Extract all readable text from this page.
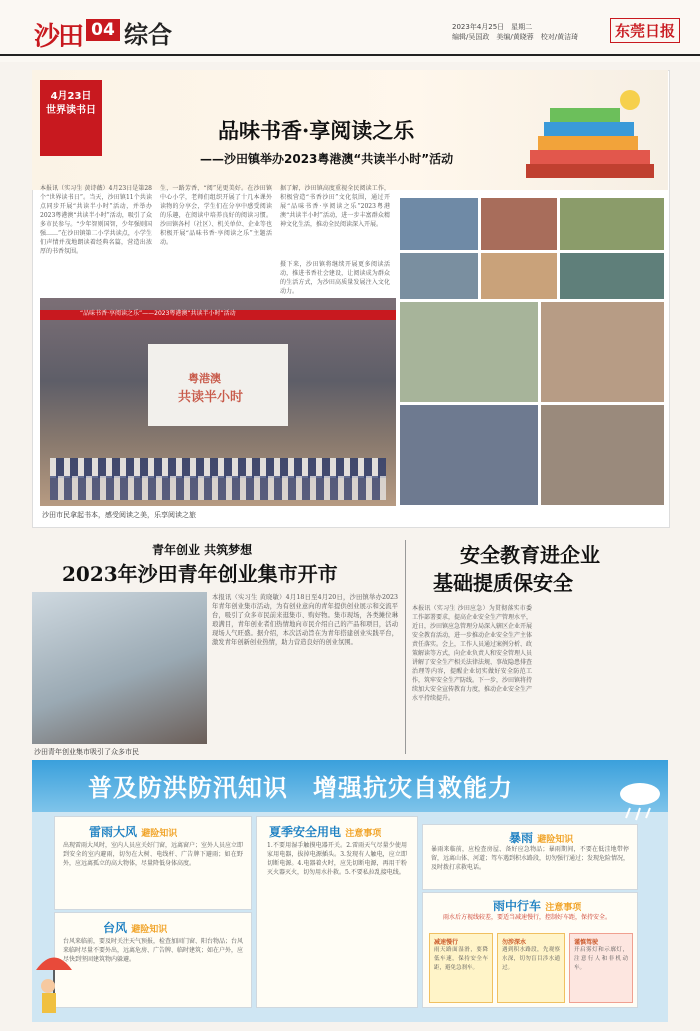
沙田 04 综合	2023年4月25日　星期二
编辑/吴国政　美编/黄晓蓉　校对/黄洁琦	东莞日报
4月23日
世界读书日
品味书香·享阅读之乐
——沙田镇举办2023粤港澳“共读半小时”活动
本报讯（实习生 黄诗薇）4月23日是第28个“世界读书日”。当天，沙田镇11个共读点同步开展“共读半小时”活动，并举办2023粤港澳“共读半小时”活动，吸引了众多市民参与。“少年智则国智，少年强则国强……”在沙田镇第二小学共读点，小学生们声情并茂地朗读着经典名篇，营造出浓厚的书香氛围。
生，一路芳香，“阅”见更美好。在沙田镇中心小学，老师们组织开展了十几本课外读物的分享会，学生们在分享中感受阅读的乐趣，在阅读中培养良好的阅读习惯。沙田镇各村（社区）、机关单位、企业等也积极开展“品味书香·享阅读之乐”主题活动。
据了解，沙田镇高度重视全民阅读工作，积极营造“书香沙田”文化氛围，通过开展“品味书香·享阅读之乐”2023粤港澳“共读半小时”活动，进一步丰富群众精神文化生活，推动全民阅读深入开展。
摄下来，沙田镇将继续开展更多阅读活动，推进书香社会建设，让阅读成为群众的生活方式，为沙田高质量发展注入文化动力。
“品味书香·享阅读之乐”——2023粤港澳“共读半小时”活动
粤港澳
共读半小时
沙田市民拿起书本，感受阅读之美，乐享阅读之旅
青年创业 共筑梦想
2023年沙田青年创业集市开市
沙田青年创业集市吸引了众多市民
本报讯（实习生 黄晓敏）4月18日至4月20日，沙田镇举办2023年青年创业集市活动，为有创业意向的青年提供创业展示和交流平台，吸引了众多市民前来逛集市、购好物。集市现场，各类摊位琳琅满目，青年创业者们热情地向市民介绍自己的产品和项目，活动现场人气旺盛。据介绍，本次活动旨在为青年搭建创业实践平台，激发青年创新创业热情，助力营造良好的创业氛围。
安全教育进企业
基础提质保安全
本报讯（实习生 沙田应急）为贯彻落实市委工作部署要求，提高企业安全生产管理水平，近日，沙田镇应急管理分局深入辖区企业开展安全教育活动，进一步推动企业安全生产主体责任落实。会上，工作人员通过案例分析、政策解读等方式，向企业负责人和安全管理人员讲解了安全生产相关法律法规、事故隐患排查治理等内容，提醒企业切实做好安全防范工作，筑牢安全生产防线。下一步，沙田镇将持续加大安全宣传教育力度，推动企业安全生产水平持续提升。
普及防洪防汛知识　增强抗灾自救能力
雷雨大风 避险知识
出现雷雨大风时，室内人员应关好门窗，远离窗户；室外人员应立即到安全的室内避雨，切勿在大树、电线杆、广告牌下避雨；如在野外，应远离孤立的高大物体，尽量降低身体高度。
台风 避险知识
台风来临前，要及时关注天气预报，检查加固门窗、阳台物品；台风来临时尽量不要外出，远离危房、广告牌、临时建筑；如在户外，应尽快到坚固建筑物内躲避。
夏季安全用电 注意事项
1.不要用湿手触摸电器开关。2.雷雨天气尽量少使用家用电器，拔掉电源插头。3.发现有人触电，应立即切断电源。4.电器着火时，应先切断电源，再用干粉灭火器灭火，切勿用水扑救。5.不要私拉乱接电线。
暴雨 避险知识
暴雨来临前，应检查房屋、备好应急物品；暴雨期间，不要在低洼地带停留，远离山体、河道；驾车遇到积水路段，切勿强行通过；发现危险情况，及时拨打求救电话。
雨中行车 注意事项
雨水后方视线较差，要适当减速慢行，控制好车距，保持安全。
减速慢行
雨天路面湿滑，要降低车速，保持安全车距，避免急刹车。
勿涉深水
遇到积水路段，先观察水深，切勿盲目涉水通过。
谨慎驾驶
开启雾灯和示廓灯，注意行人和非机动车。
